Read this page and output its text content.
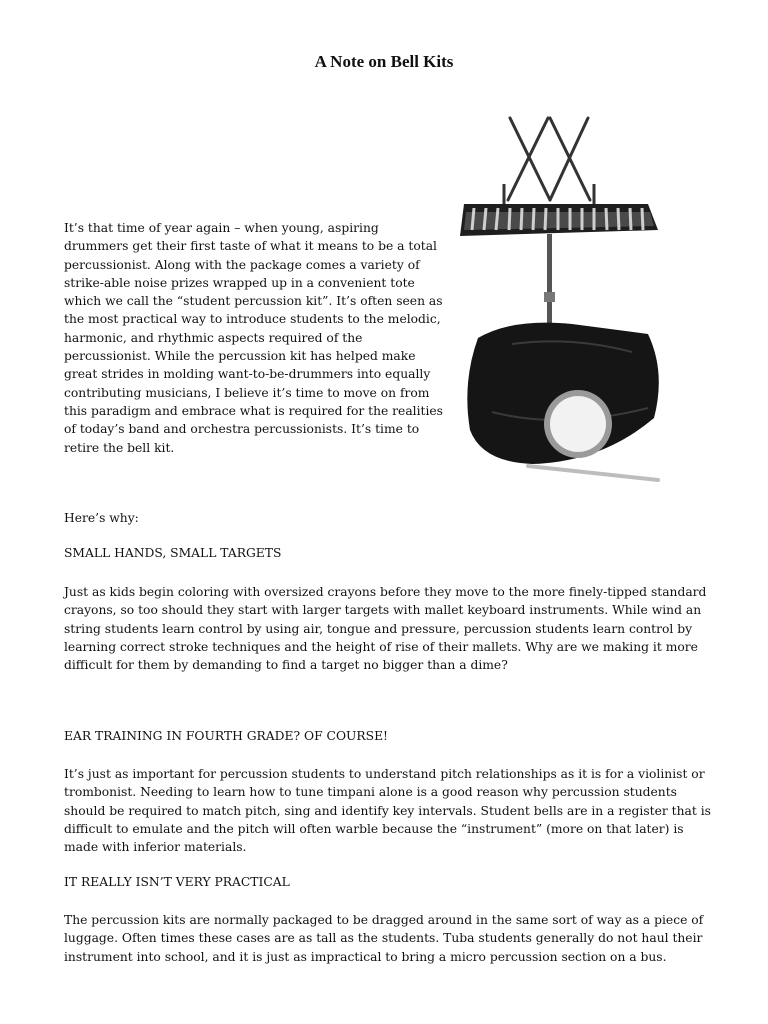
A Note on Bell Kits

It’s that time of year again – when young, aspiring drummers get their first taste of what it means to be a total percussionist. Along with the package comes a variety of strike-able noise prizes wrapped up in a convenient tote which we call the “student percussion kit”. It’s often seen as the most practical way to introduce students to the melodic, harmonic, and rhythmic aspects required of the percussionist. While the percussion kit has helped make great strides in molding want-to-be-drummers into equally contributing musicians, I believe it’s time to move on from this paradigm and embrace what is required for the realities of today’s band and orchestra percussionists. It’s time to retire the bell kit.

Here’s why:

SMALL HANDS, SMALL TARGETS

Just as kids begin coloring with oversized crayons before they move to the more finely-tipped standard crayons, so too should they start with larger targets with mallet keyboard instruments. While wind an string students learn control by using air, tongue and pressure, percussion students learn control by learning correct stroke techniques and the height of rise of their mallets. Why are we making it more difficult for them by demanding to find a target no bigger than a dime?

EAR TRAINING IN FOURTH GRADE? OF COURSE!

It’s just as important for percussion students to understand pitch relationships as it is for a violinist or trombonist. Needing to learn how to tune timpani alone is a good reason why percussion students should be required to match pitch, sing and identify key intervals. Student bells are in a register that is difficult to emulate and the pitch will often warble because the “instrument” (more on that later) is made with inferior materials.

IT REALLY ISN’T VERY PRACTICAL

The percussion kits are normally packaged to be dragged around in the same sort of way as a piece of luggage. Often times these cases are as tall as the students. Tuba students generally do not haul their instrument into school, and it is just as impractical to bring a micro percussion section on a bus.
